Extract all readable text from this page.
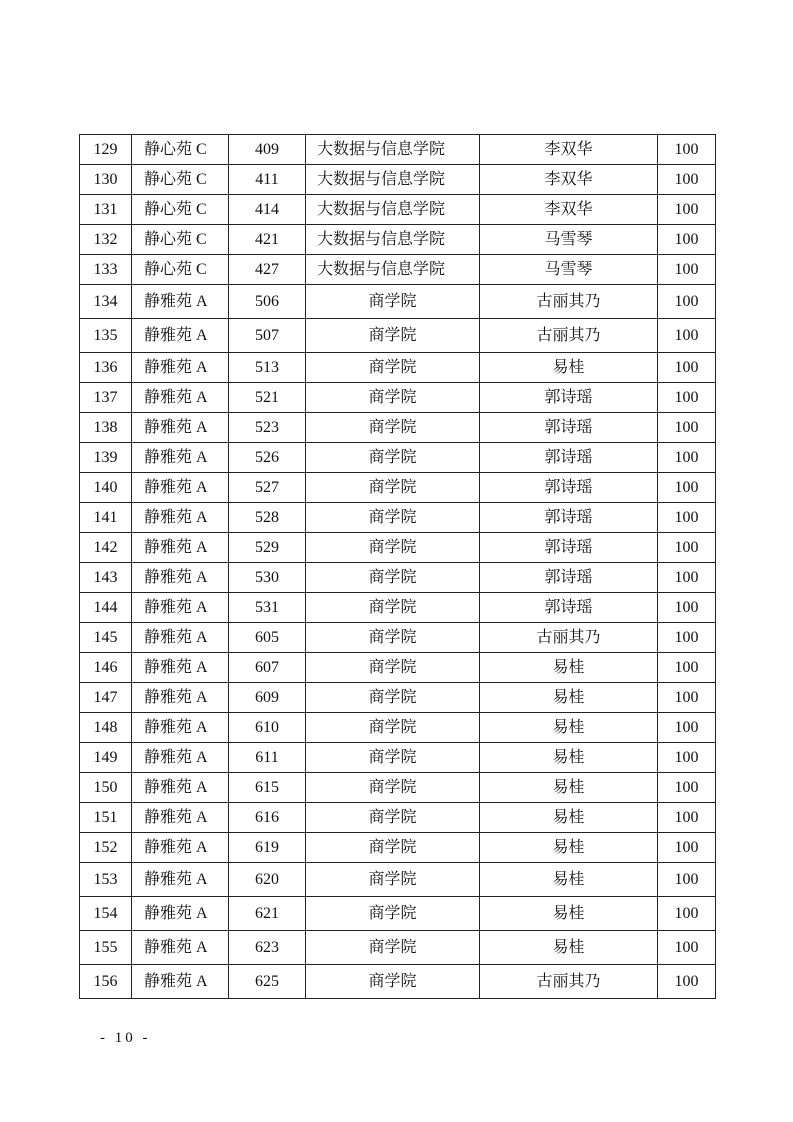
129	静心苑 C	409	大数据与信息学院	李双华	100
130	静心苑 C	411	大数据与信息学院	李双华	100
131	静心苑 C	414	大数据与信息学院	李双华	100
132	静心苑 C	421	大数据与信息学院	马雪琴	100
133	静心苑 C	427	大数据与信息学院	马雪琴	100
134	静雅苑 A	506	商学院	古丽其乃	100
135	静雅苑 A	507	商学院	古丽其乃	100
136	静雅苑 A	513	商学院	易桂	100
137	静雅苑 A	521	商学院	郭诗瑶	100
138	静雅苑 A	523	商学院	郭诗瑶	100
139	静雅苑 A	526	商学院	郭诗瑶	100
140	静雅苑 A	527	商学院	郭诗瑶	100
141	静雅苑 A	528	商学院	郭诗瑶	100
142	静雅苑 A	529	商学院	郭诗瑶	100
143	静雅苑 A	530	商学院	郭诗瑶	100
144	静雅苑 A	531	商学院	郭诗瑶	100
145	静雅苑 A	605	商学院	古丽其乃	100
146	静雅苑 A	607	商学院	易桂	100
147	静雅苑 A	609	商学院	易桂	100
148	静雅苑 A	610	商学院	易桂	100
149	静雅苑 A	611	商学院	易桂	100
150	静雅苑 A	615	商学院	易桂	100
151	静雅苑 A	616	商学院	易桂	100
152	静雅苑 A	619	商学院	易桂	100
153	静雅苑 A	620	商学院	易桂	100
154	静雅苑 A	621	商学院	易桂	100
155	静雅苑 A	623	商学院	易桂	100
156	静雅苑 A	625	商学院	古丽其乃	100
- 10 -
